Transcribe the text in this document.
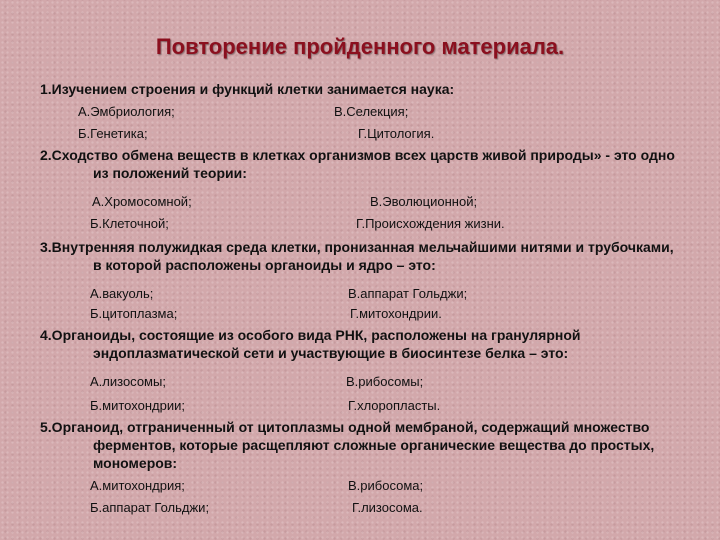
Повторение пройденного материала.
1.Изучением строения и функций клетки занимается наука:
А.Эмбриология;	В.Селекция;
Б.Генетика;	Г.Цитология.
2.Сходство обмена веществ в клетках организмов всех царств живой природы» - это одно из положений теории:
А.Хромосомной;	В.Эволюционной;
Б.Клеточной;	Г.Происхождения жизни.
3.Внутренняя полужидкая среда клетки, пронизанная мельчайшими нитями и трубочками, в которой расположены органоиды и ядро – это:
А.вакуоль;	В.аппарат Гольджи;
Б.цитоплазма;	Г.митохондрии.
4.Органоиды, состоящие из особого вида РНК, расположены на гранулярной эндоплазматической сети и участвующие в биосинтезе белка – это:
А.лизосомы;	В.рибосомы;
Б.митохондрии;	Г.хлоропласты.
5.Органоид, отграниченный от цитоплазмы одной мембраной, содержащий множество ферментов, которые расщепляют сложные органические вещества до простых, мономеров:
А.митохондрия;	В.рибосома;
Б.аппарат Гольджи;	Г.лизосома.
